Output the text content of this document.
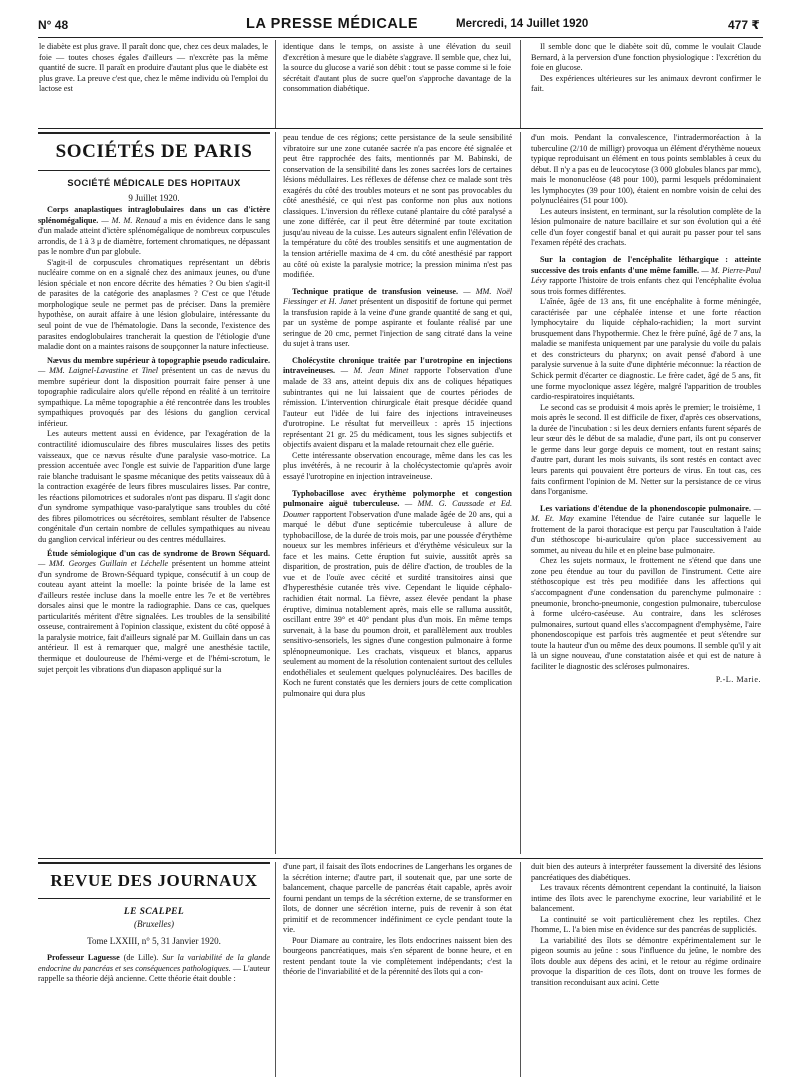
N° 48	LA PRESSE MÉDICALE	Mercredi, 14 Juillet 1920	477 ₹

le diabète est plus grave. Il paraît donc que, chez ces deux malades, le foie — toutes choses égales d'ailleurs — n'excrète pas la même quantité de sucre. Il paraît en produire d'autant plus que le diabète est plus grave. La preuve c'est que, chez le même individu où l'emploi du lactose est

identique dans le temps, on assiste à une élévation du seuil d'excrétion à mesure que le diabète s'aggrave. Il semble que, chez lui, la source du glucose a varié son débit : tout se passe comme si le foie sécrétait d'autant plus de sucre quel'on s'approche davantage de la consommation diabétique.

Il semble donc que le diabète soit dû, comme le voulait Claude Bernard, à la perversion d'une fonction physiologique : l'excrétion du foie en glucose.

Des expériences ultérieures sur les animaux devront confirmer le fait.

SOCIÉTÉS DE PARIS
SOCIÉTÉ MÉDICALE DES HOPITAUX
9 Juillet 1920.

Corps anaplastiques intraglobulaires dans un cas d'ictère splénomégalique. — M. M. Renaud a mis en évidence dans le sang d'un malade atteint d'ictère splénomégalique de nombreux corpuscules arrondis, de 1 à 3 μ de diamètre, fortement chromatiques, ne dépassant pas le nombre d'un par globule.

S'agit-il de corpuscules chromatiques représentant un débris nucléaire comme on en a signalé chez des animaux jeunes, ou d'une lésion spéciale et non encore décrite des hématies ? Ou bien s'agit-il de parasites de la catégorie des anaplasmes ? C'est ce que l'étude morphologique seule ne permet pas de préciser. Dans la première hypothèse, on aurait affaire à une lésion globulaire, intéressante du seul point de vue de l'hématologie. Dans la seconde, l'existence des parasites endoglobulaires trancherait la question de l'étiologie d'une maladie dont on a maintes raisons de soupçonner la nature infectieuse.

Nævus du membre supérieur à topographie pseudo radiculaire. — MM. Laignel-Lavastine et Tinel présentent un cas de nævus du membre supérieur dont la disposition pourrait faire penser à une topographie radiculaire alors qu'elle répond en réalité à un territoire sympathique. La même topographie a été rencontrée dans les troubles sympathiques provoqués par des lésions du ganglion cervical inférieur.

Les auteurs mettent aussi en évidence, par l'exagération de la contractilité idiomusculaire des fibres musculaires lisses des petits vaisseaux, que ce nævus résulte d'une paralysie vaso-motrice. La pression accentuée avec l'ongle est suivie de l'apparition d'une large raie blanche traduisant le spasme mécanique des petits vaisseaux dû à la contraction exagérée de leurs fibres musculaires lisses. Par contre, les réactions pilomotrices et sudorales n'ont pas disparu. Il s'agit donc d'un syndrome sympathique vaso-paralytique sans troubles du côté des fibres pilomotrices ou sécrétoires, semblant résulter de l'absence congénitale d'un certain nombre de cellules sympathiques au niveau du ganglion cervical inférieur ou des centres médullaires.

Étude sémiologique d'un cas de syndrome de Brown Séquard. — MM. Georges Guillain et Léchelle présentent un homme atteint d'un syndrome de Brown-Séquard typique, consécutif à un coup de couteau ayant atteint la moelle: la pointe brisée de la lame est d'ailleurs restée incluse dans la moelle entre les 7e et 8e vertèbres dorsales ainsi que le montre la radiographie. Dans ce cas, quelques particularités méritent d'être signalées. Les troubles de la sensibilité osseuse, contrairement à l'opinion classique, existent du côté opposé à la paralysie motrice, fait d'ailleurs signalé par M. Guillain dans un cas antérieur. Il est à remarquer que, malgré une anesthésie tactile, thermique et douloureuse de l'hémi-verge et de l'hémi-scrotum, le sujet perçoit les vibrations d'un diapason appliqué sur la

peau tendue de ces régions; cette persistance de la seule sensibilité vibratoire sur une zone cutanée sacrée n'a pas encore été signalée et peut être rapprochée des faits, mentionnés par M. Babinski, de conservation de la sensibilité dans les zones sacrées lors de certaines lésions médullaires. Les réflexes de défense chez ce malade sont très exagérés du côté des troubles moteurs et ne sont pas provocables du côté anesthésié, ce qui n'est pas conforme non plus aux notions classiques. L'inversion du réflexe cutané plantaire du côté paralysé a une zone différée, car il peut être déterminé par toute excitation jusqu'au niveau de la cuisse. Les auteurs signalent enfin l'élévation de la température du côté des troubles sensitifs et une augmentation de la tension artérielle maxima de 4 cm. du côté anesthésié par rapport au côté où existe la paralysie motrice; la pression minima n'est pas modifiée.

Technique pratique de transfusion veineuse. — MM. Noël Fiessinger et H. Janet présentent un dispositif de fortune qui permet la transfusion rapide à la veine d'une grande quantité de sang et qui, par un système de pompe aspirante et foulante réalisé par une seringue de 20 cmc, permet l'injection de sang citraté dans la veine du sujet à trans user.

Cholécystite chronique traitée par l'urotropine en injections intraveineuses. — M. Jean Minet rapporte l'observation d'une malade de 33 ans, atteint depuis dix ans de coliques hépatiques subintrantes qui ne lui laissaient que de courtes périodes de rémission. L'intervention chirurgicale était presque décidée quand l'auteur eut l'idée de lui faire des injections intraveineuses d'urotropine. Le résultat fut merveilleux : après 15 injections représentant 21 gr. 25 du médicament, tous les signes subjectifs et objectifs avaient disparu et la malade retournait chez elle guérie.

Cette intéressante observation encourage, même dans les cas les plus invétérés, à ne recourir à la cholécystectomie qu'après avoir essayé l'urotropine en injection intraveineuse.

Typhobacillose avec érythème polymorphe et congestion pulmonaire aiguë tuberculeuse. — MM. G. Caussade et Ed. Doumer rapportent l'observation d'une malade âgée de 20 ans, qui a marqué le début d'une septicémie tuberculeuse à allure de typhobacillose, de la durée de trois mois, par une poussée d'érythème noueux sur les membres inférieurs et d'érythème vésiculeux sur la face et les mains. Cette éruption fut suivie, aussitôt après sa disparition, de prostration, puis de délire d'action, de troubles de la vue et de l'ouïe avec cécité et surdité transitoires ainsi que d'hyperesthésie cutanée très vive. Cependant le liquide céphalo-rachidien était normal. La fièvre, assez élevée pendant la phase éruptive, diminua notablement après, mais elle se ralluma aussitôt, oscillant entre 39° et 40° pendant plus d'un mois. En même temps survenait, à la base du poumon droit, et parallèlement aux troubles sensitivo-sensoriels, les signes d'une congestion pulmonaire à forme splénopneumonique. Les crachats, visqueux et blancs, apparus seulement au moment de la résolution contenaient surtout des cellules endothéliales et seulement quelques polynucléaires. Des bacilles de Koch ne furent constatés que les derniers jours de cette complication pulmonaire qui dura plus

d'un mois. Pendant la convalescence, l'intradermoréaction à la tuberculine (2/10 de milligr) provoqua un élément d'érythème noueux typique reproduisant un élément en tous points semblables à ceux du début. Il n'y a pas eu de leucocytose (3 000 globules blancs par mmc), mais le mononucléose (48 pour 100), parmi lesquels prédominaient les lymphocytes (39 pour 100), étaient en nombre voisin de celui des polynucléaires (51 pour 100).

Les auteurs insistent, en terminant, sur la résolution complète de la lésion pulmonaire de nature bacillaire et sur son évolution qui a été celle d'un foyer congestif banal et qui aurait pu passer pour tel sans l'examen répété des crachats.

Sur la contagion de l'encéphalite léthargique : atteinte successive des trois enfants d'une même famille. — M. Pierre-Paul Lévy rapporte l'histoire de trois enfants chez qui l'encéphalite évolua sous trois formes différentes.

L'aînée, âgée de 13 ans, fit une encéphalite à forme méningée, caractérisée par une céphalée intense et une forte réaction lymphocytaire du liquide céphalo-rachidien; la mort survint brusquement dans l'hypothermie. Chez le frère puîné, âgé de 7 ans, la maladie se manifesta uniquement par une paralysie du voile du palais et des constricteurs du pharynx; on avait pensé d'abord à une paralysie survenue à la suite d'une diphtérie méconnue: la réaction de Schick permit d'écarter ce diagnostic. Le frère cadet, âgé de 5 ans, fit une forme myoclonique assez légère, malgré l'apparition de troubles cardio-respiratoires inquiétants.

Le second cas se produisit 4 mois après le premier; le troisième, 1 mois après le second. Il est difficile de fixer, d'après ces observations, la durée de l'incubation : si les deux derniers enfants furent séparés de leur sœur dès le début de sa maladie, d'une part, ils ont pu conserver le germe dans leur gorge depuis ce moment, tout en restant sains; d'autre part, durant les mois suivants, ils sont restés en contact avec leurs parents qui pouvaient être porteurs de virus. En tout cas, ces faits confirment l'opinion de M. Netter sur la persistance de ce virus dans l'organisme.

Les variations d'étendue de la phonendoscopie pulmonaire. — M. Et. May examine l'étendue de l'aire cutanée sur laquelle le frottement de la paroi thoracique est perçu par l'auscultation à l'aide d'un stéthoscope bi-auriculaire qu'on place successivement au sommet, au niveau du hile et en pleine base pulmonaire.

Chez les sujets normaux, le frottement ne s'étend que dans une zone peu étendue au tour du pavillon de l'instrument. Cette aire stéthoscopique est très peu modifiée dans les affections qui s'accompagnent d'une condensation du parenchyme pulmonaire : pneumonie, broncho-pneumonie, congestion pulmonaire, tuberculose à forme ulcéro-caséeuse. Au contraire, dans les scléroses pulmonaires, surtout quand elles s'accompagnent d'emphysème, l'aire phonendoscopique est parfois très augmentée et peut s'étendre sur toute la hauteur d'un ou même des deux poumons. Il semble qu'il y ait là un signe nouveau, d'une constatation aisée et qui est de nature à faciliter le diagnostic des scléroses pulmonaires.

P.-L. Marie.
REVUE DES JOURNAUX
LE SCALPEL
(Bruxelles)
Tome LXXIII, n° 5, 31 Janvier 1920.

Professeur Laguesse (de Lille). Sur la variabilité de la glande endocrine du pancréas et ses conséquences pathologiques. — L'auteur rappelle sa théorie déjà ancienne. Cette théorie était double :

d'une part, il faisait des îlots endocrines de Langerhans les organes de la sécrétion interne; d'autre part, il soutenait que, par une sorte de balancement, chaque parcelle de pancréas était capable, après avoir fourni pendant un temps de la sécrétion externe, de se transformer en îlots, de donner une sécrétion interne, puis de revenir à son état primitif et de recommencer indéfiniment ce cycle pendant toute la vie.

Pour Diamare au contraire, les îlots endocrines naissent bien des bourgeons pancréatiques, mais s'en séparent de bonne heure, et en restent pendant toute la vie complètement indépendants; c'est la théorie de l'invariabilité et de la pérennité des îlots qui a con-

duit bien des auteurs à interpréter faussement la diversité des lésions pancréatiques des diabétiques.

Les travaux récents démontrent cependant la continuité, la liaison intime des îlots avec le parenchyme exocrine, leur variabilité et le balancement.

La continuité se voit particulièrement chez les reptiles. Chez l'homme, L. l'a bien mise en évidence sur des pancréas de suppliciés.

La variabilité des îlots se démontre expérimentalement sur le pigeon soumis au jeûne : sous l'influence du jeûne, le nombre des îlots double aux dépens des acini, et le retour au régime ordinaire provoque la disparition de ces îlots, dont on trouve les formes de transition reconduisant aux acini. Cette
